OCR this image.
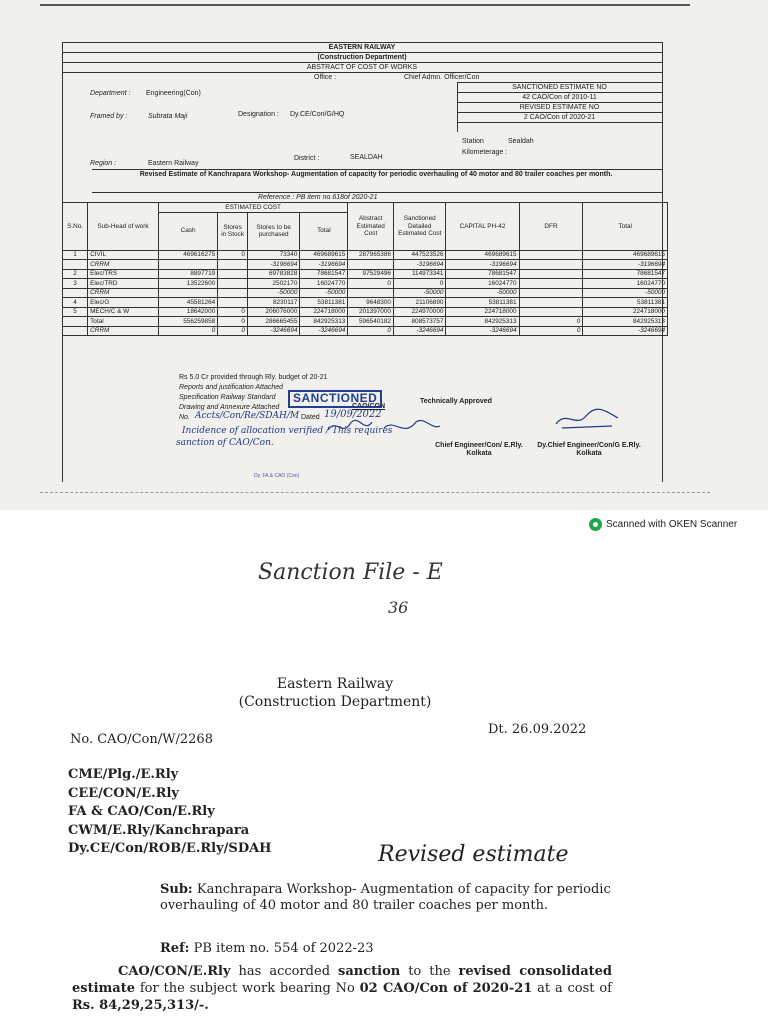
EASTERN RAILWAY
(Construction Department)
ABSTRACT OF COST OF WORKS
Office :	Chief Admn. Officer/Con
SANCTIONED ESTIMATE NO
42 CAO/Con of 2010-11
REVISED ESTIMATE NO
2 CAO/Con of 2020-21
Department : Engineering(Con)
Framed by :	Subrata Maji	Designation : Dy.CE/Con/G/HQ
Station	Sealdah
Kilometerage :
Region :	Eastern Railway
District :	SEALDAH
Revised Estimate of Kanchrapara Workshop- Augmentation of capacity for periodic overhauling of 40 motor and 80 trailer coaches per month.
Reference : PB item no.618of 2020-21
S.No.	Sub-Head of work	ESTIMATED COST				Abstract Estimated Cost	Sanctioned Detailed Estimated Cost	CAPITAL PH-42	DFR	Total
		Cash	Stores in Stock	Stores to be purchased	Total					

1	CIVIL	469616275	0	73340	469689615	287965386	447523526	469689615		469689615
	CRRM			-3196694	-3196694		-3196694	-3196694		-3196694
2	Elec/TRS	8897719		69783828	78681547	97529496	114973341	78681547		78681547
3	Elec/TRD	13522600		2502170	16024770	0	0	16024770		16024770
	CRRM			-50000	-50000		-50000	-50000		-50000
4	Elec/G	45581264		8230117	53811381	9648300	21106890	53811381		53811381
5	MECH/C & W	18642000	0	206076000	224718000	201397000	224970000	224718000		224718000
	Total	556259858	0	286665455	842925313	596540182	808573757	842925313	0	842925313
	CRRM	0	0	-3246694	-3246694	0	-3246694	-3246694	0	-3246694
Rs 5.0 Cr provided through Rly. budget of 20-21
Reports and justification Attached
Specification Railway Standard
Drawing and Annexure Attached
No. Accts/Con/Re/SDAH/M Dated 19/09/2022
CAO/CON
Incidence of allocation verified / This requires
sanction of CAO/Con.
SANCTIONED	Technically Approved
Chief Engineer/Con/ E.Rly. Kolkata
Dy.Chief Engineer/Con/G E.Rly. Kolkata
Dy. FA & CAO (Con)
Scanned with OKEN Scanner
Sanction File - E
36
Eastern Railway
(Construction Department)
No. CAO/Con/W/2268
Dt. 26.09.2022
CME/Plg./E.Rly
CEE/CON/E.Rly
FA & CAO/Con/E.Rly
CWM/E.Rly/Kanchrapara
Dy.CE/Con/ROB/E.Rly/SDAH	Revised estimate
Sub: Kanchrapara Workshop- Augmentation of capacity for periodic overhauling of 40 motor and 80 trailer coaches per month.
Ref: PB item no. 554 of 2022-23
CAO/CON/E.Rly has accorded sanction to the revised consolidated estimate for the subject work bearing No 02 CAO/Con of 2020-21 at a cost of Rs. 84,29,25,313/-.
